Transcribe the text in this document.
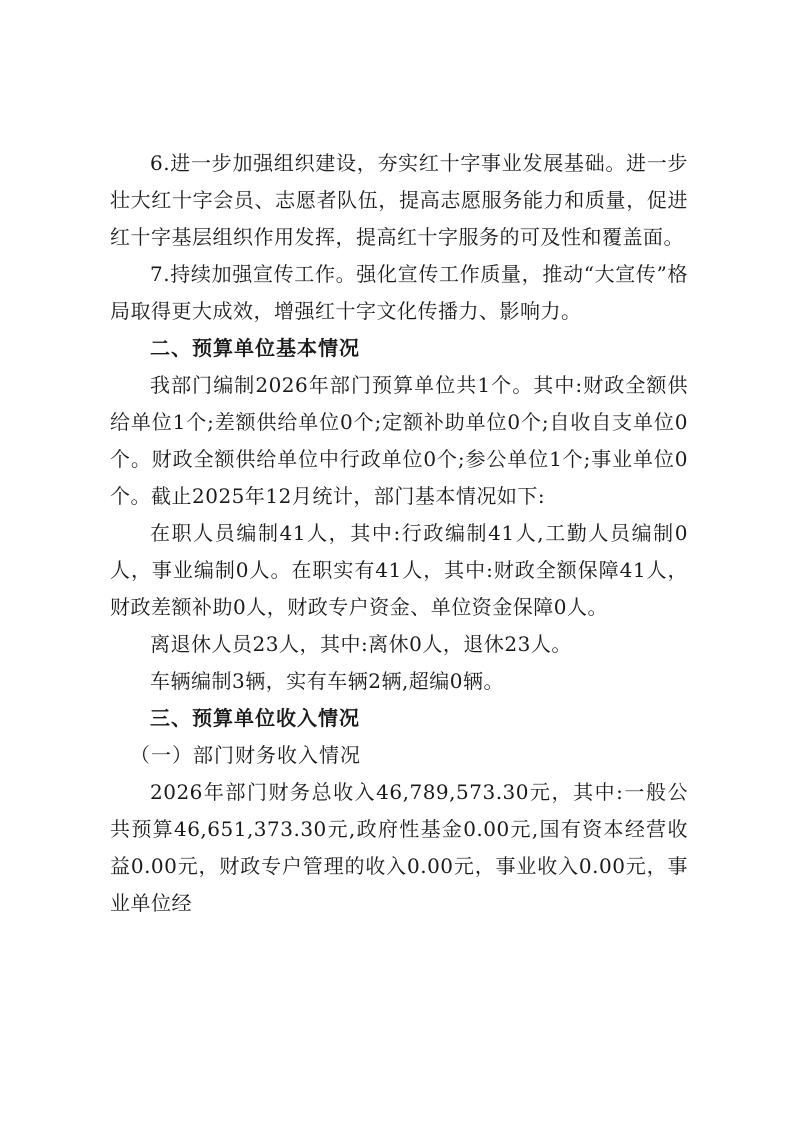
6.进一步加强组织建设，夯实红十字事业发展基础。进一步壮大红十字会员、志愿者队伍，提高志愿服务能力和质量，促进红十字基层组织作用发挥，提高红十字服务的可及性和覆盖面。

7.持续加强宣传工作。强化宣传工作质量，推动“大宣传”格局取得更大成效，增强红十字文化传播力、影响力。

二、预算单位基本情况

我部门编制2026年部门预算单位共1个。其中:财政全额供给单位1个;差额供给单位0个;定额补助单位0个;自收自支单位0个。财政全额供给单位中行政单位0个;参公单位1个;事业单位0个。截止2025年12月统计，部门基本情况如下:

在职人员编制41人，其中:行政编制41人,工勤人员编制0人，事业编制0人。在职实有41人，其中:财政全额保障41人，财政差额补助0人，财政专户资金、单位资金保障0人。

离退休人员23人，其中:离休0人，退休23人。

车辆编制3辆，实有车辆2辆,超编0辆。

三、预算单位收入情况

（一）部门财务收入情况

2026年部门财务总收入46,789,573.30元，其中:一般公共预算46,651,373.30元,政府性基金0.00元,国有资本经营收益0.00元，财政专户管理的收入0.00元，事业收入0.00元，事业单位经
